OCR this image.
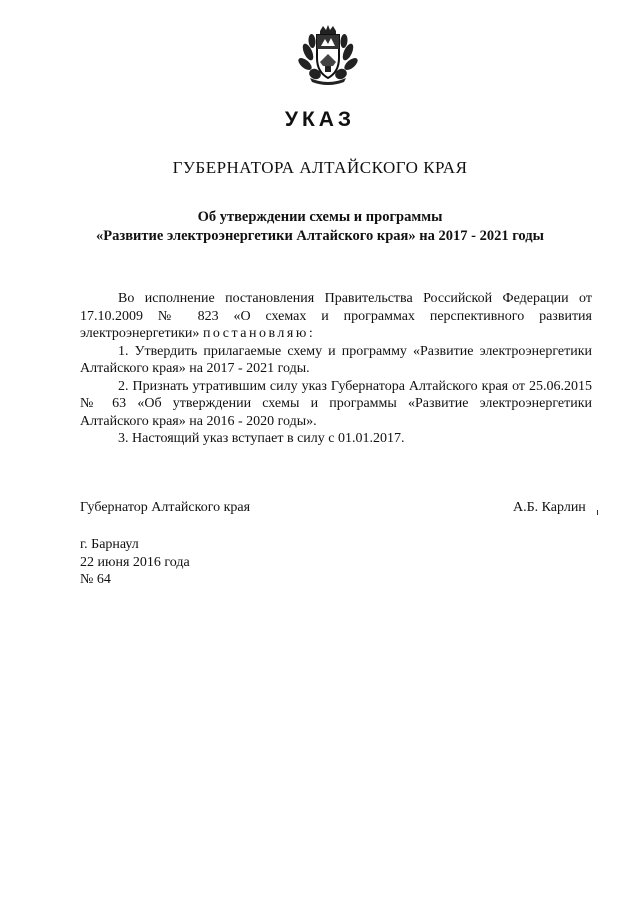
УКАЗ
ГУБЕРНАТОРА АЛТАЙСКОГО КРАЯ
Об утверждении схемы и программы
«Развитие электроэнергетики Алтайского края» на 2017 - 2021 годы

Во исполнение постановления Правительства Российской Федерации от 17.10.2009 № 823 «О схемах и программах перспективного развития электроэнергетики» постановляю:

1. Утвердить прилагаемые схему и программу «Развитие электроэнергетики Алтайского края» на 2017 - 2021 годы.

2. Признать утратившим силу указ Губернатора Алтайского края от 25.06.2015 № 63 «Об утверждении схемы и программы «Развитие электроэнергетики Алтайского края» на 2016 - 2020 годы».

3. Настоящий указ вступает в силу с 01.01.2017.

Губернатор Алтайского края	А.Б. Карлин
г. Барнаул
22 июня 2016 года
№ 64
